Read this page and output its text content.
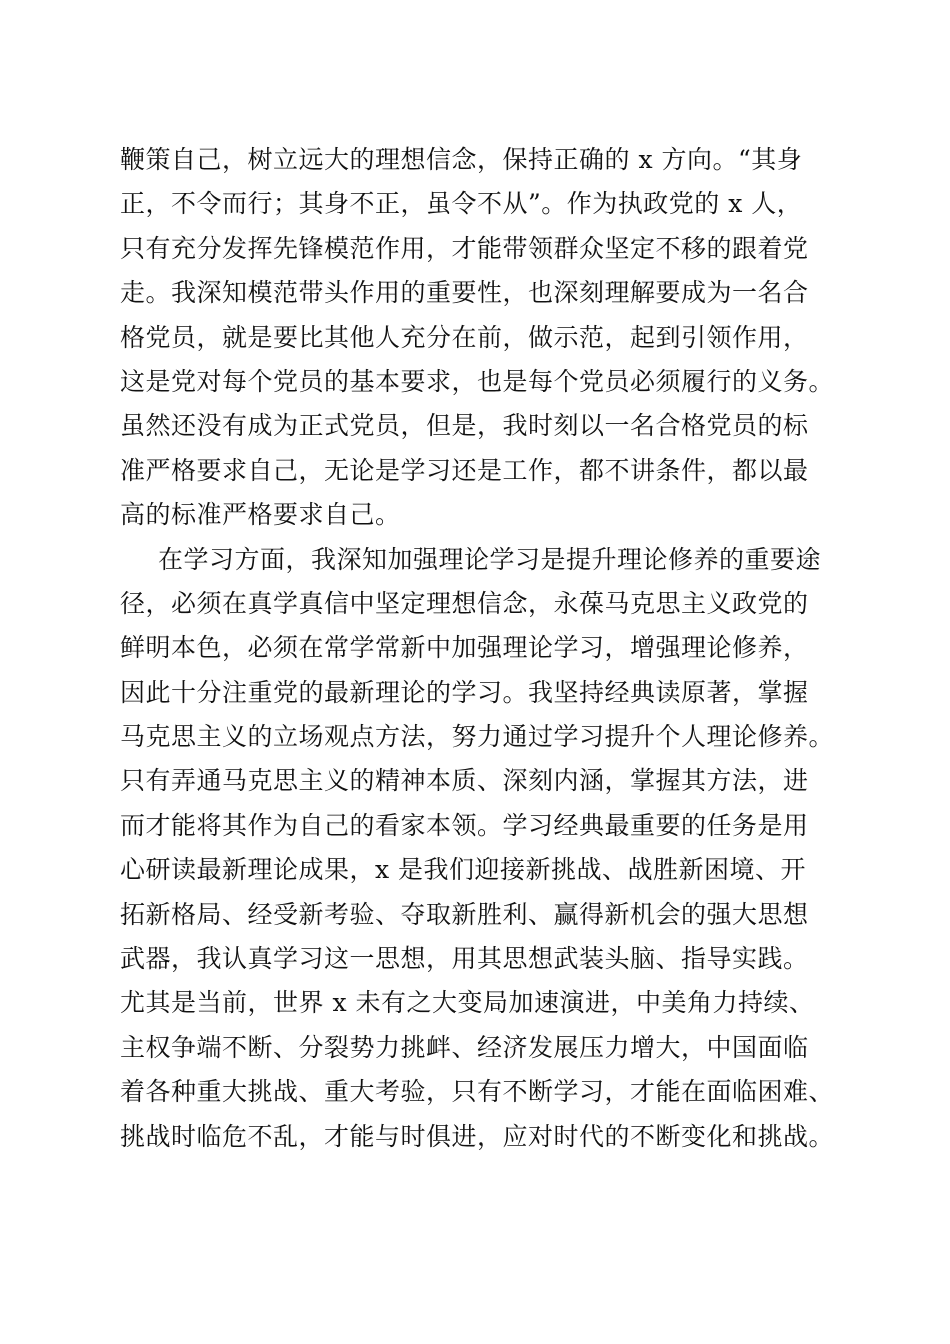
鞭策自己，树立远大的理想信念，保持正确的 x 方向。“其身
正，不令而行；其身不正，虽令不从”。作为执政党的 x 人，
只有充分发挥先锋模范作用，才能带领群众坚定不移的跟着党
走。我深知模范带头作用的重要性，也深刻理解要成为一名合
格党员，就是要比其他人充分在前，做示范，起到引领作用，
这是党对每个党员的基本要求，也是每个党员必须履行的义务。
虽然还没有成为正式党员，但是，我时刻以一名合格党员的标
准严格要求自己，无论是学习还是工作，都不讲条件，都以最
高的标准严格要求自己。
在学习方面，我深知加强理论学习是提升理论修养的重要途
径，必须在真学真信中坚定理想信念，永葆马克思主义政党的
鲜明本色，必须在常学常新中加强理论学习，增强理论修养，
因此十分注重党的最新理论的学习。我坚持经典读原著，掌握
马克思主义的立场观点方法，努力通过学习提升个人理论修养。
只有弄通马克思主义的精神本质、深刻内涵，掌握其方法，进
而才能将其作为自己的看家本领。学习经典最重要的任务是用
心研读最新理论成果，x 是我们迎接新挑战、战胜新困境、开
拓新格局、经受新考验、夺取新胜利、赢得新机会的强大思想
武器，我认真学习这一思想，用其思想武装头脑、指导实践。
尤其是当前，世界 x 未有之大变局加速演进，中美角力持续、
主权争端不断、分裂势力挑衅、经济发展压力增大，中国面临
着各种重大挑战、重大考验，只有不断学习，才能在面临困难、
挑战时临危不乱，才能与时俱进，应对时代的不断变化和挑战。
